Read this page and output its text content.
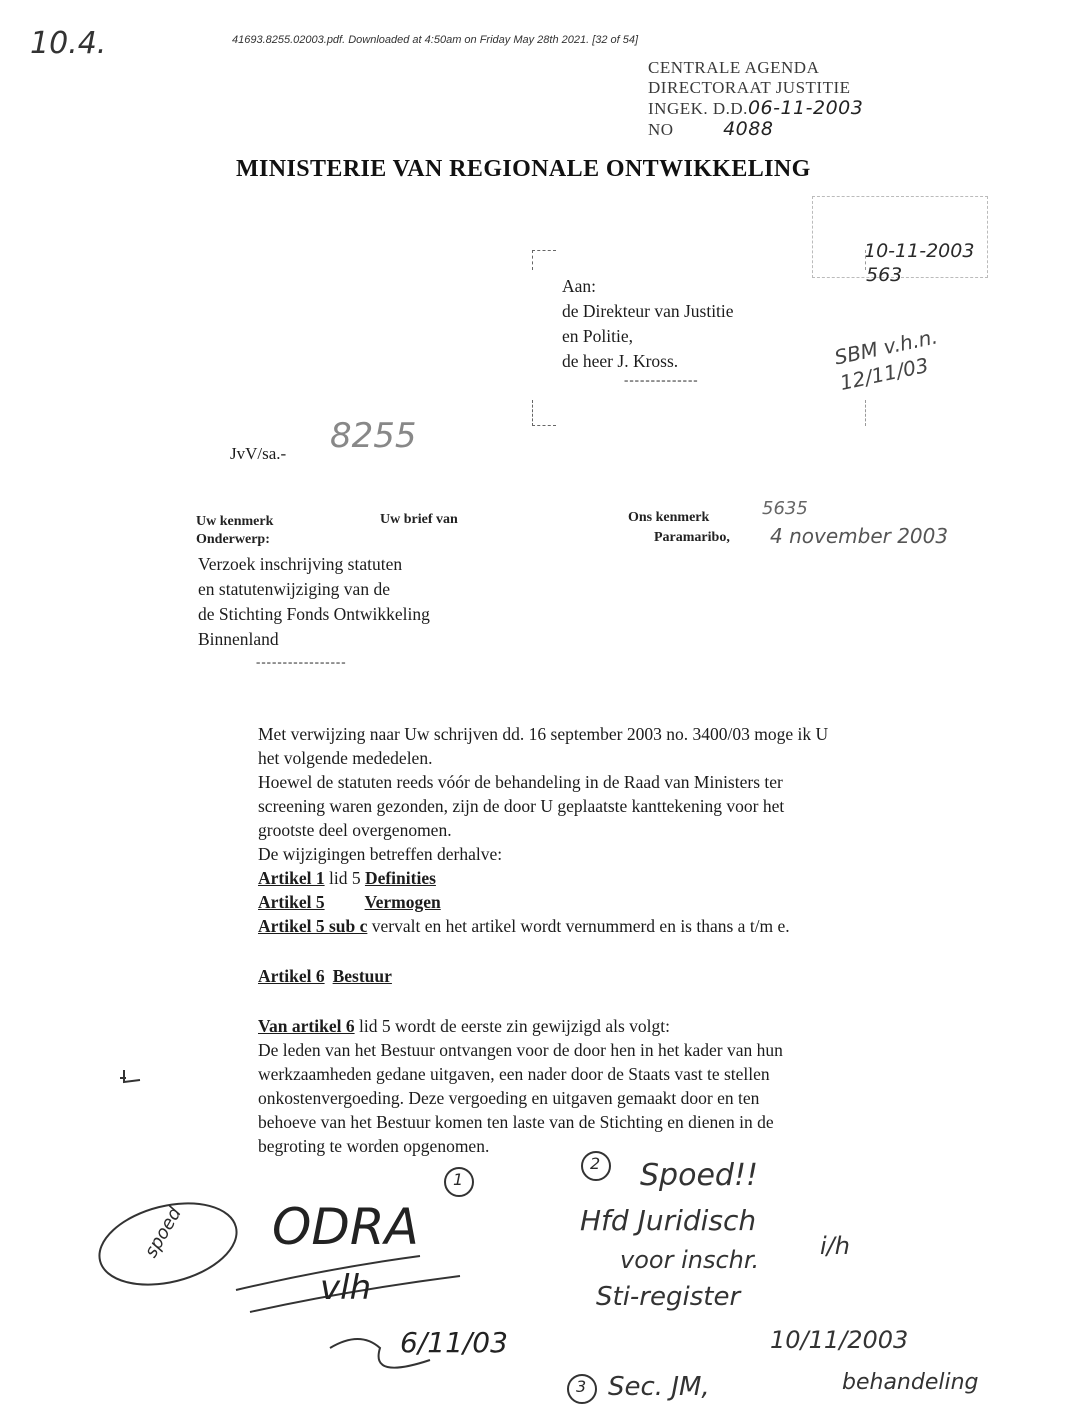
41693.8255.02003.pdf. Downloaded at 4:50am on Friday May 28th 2021. [32 of 54]
10.4.
CENTRALE AGENDA
DIRECTORAAT JUSTITIE
INGEK. D.D.06-11-2003
NO	4088
MINISTERIE VAN REGIONALE ONTWIKKELING
10-11-2003
563
Aan:
de Direkteur van Justitie
en Politie,
de heer J. Kross.
--------------
SBM v.h.n. 12/11/03
JvV/sa.- 8255
Uw kenmerk	Uw brief van	Ons kenmerk
Onderwerp:	Paramaribo,
5635
4 november 2003
Verzoek inschrijving statuten
en statutenwijziging van de
de Stichting Fonds Ontwikkeling
Binnenland
-----------------

Met verwijzing naar Uw schrijven dd. 16 september 2003 no. 3400/03 moge ik U

het volgende mededelen.

Hoewel de statuten reeds vóór de behandeling in de Raad van Ministers ter

screening waren gezonden, zijn de door U geplaatste kanttekening voor het

grootste deel overgenomen.

De wijzigingen betreffen derhalve:

Artikel 1 lid 5 Definities

Artikel 5 Vermogen

Artikel 5 sub c vervalt en het artikel wordt vernummerd en is thans a t/m e.

Artikel 6 Bestuur

Van artikel 6 lid 5 wordt de eerste zin gewijzigd als volgt:

De leden van het Bestuur ontvangen voor de door hen in het kader van hun

werkzaamheden gedane uitgaven, een nader door de Staats vast te stellen

onkostenvergoeding. Deze vergoeding en uitgaven gemaakt door en ten

behoeve van het Bestuur komen ten laste van de Stichting en dienen in de

begroting te worden opgenomen.

spoed
1
2
3
ODRA
vlh
6/11/03
Spoed!!
Hfd Juridisch
i/h
voor inschr.
Sti-register
10/11/2003
Sec. JM,	behandeling
